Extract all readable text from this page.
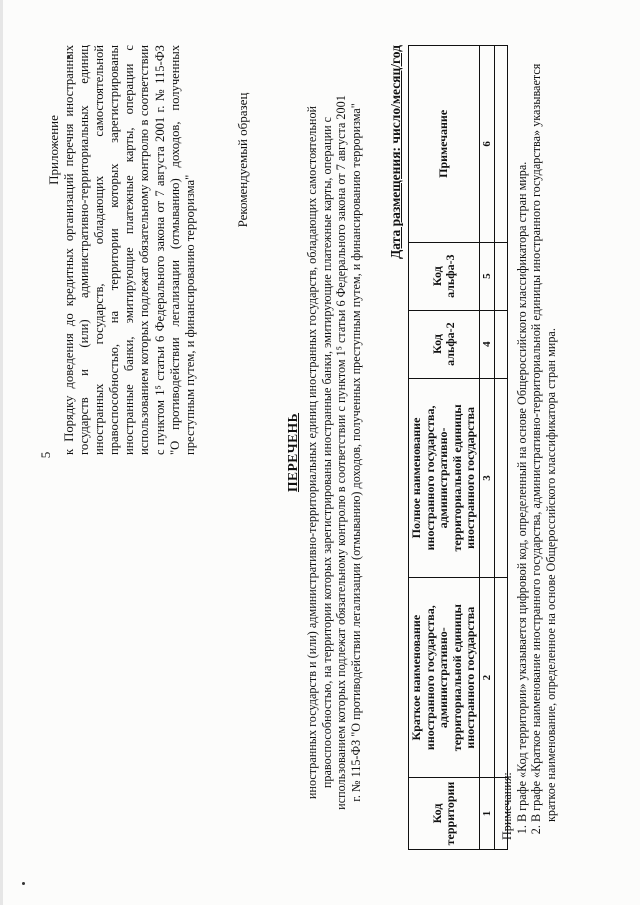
5
Приложение к Порядку доведения до кредитных организаций перечня иностранных государств и (или) административно-территориальных единиц иностранных государств, обладающих самостоятельной правоспособностью, на территории которых зарегистрированы иностранные банки, эмитирующие платежные карты, операции с использованием которых подлежат обязательному контролю в соответствии с пунктом 1⁵ статьи 6 Федерального закона от 7 августа 2001 г. № 115-ФЗ "О противодействии легализации (отмыванию) доходов, полученных преступным путем, и финансированию терроризма"
Рекомендуемый образец
ПЕРЕЧЕНЬ иностранных государств и (или) административно-территориальных единиц иностранных государств, обладающих самостоятельной правоспособностью, на территории которых зарегистрированы иностранные банки, эмитирующие платежные карты, операции с использованием которых подлежат обязательному контролю в соответствии с пунктом 1⁵ статьи 6 Федерального закона от 7 августа 2001 г. № 115-ФЗ "О противодействии легализации (отмыванию) доходов, полученных преступным путем, и финансированию терроризма" Дата размещения: число/месяц/год
Код территории	Краткое наименование иностранного государства, административно-территориальной единицы иностранного государства	Полное наименование иностранного государства, административно-территориальной единицы иностранного государства	Код альфа-2	Код альфа-3	Примечание
1	2	3	4	5	6

Примечания: 1. В графе «Код территории» указывается цифровой код, определенный на основе Общероссийского классификатора стран мира. 2. В графе «Краткое наименование иностранного государства, административно-территориальной единицы иностранного государства» указывается краткое наименование, определенное на основе Общероссийского классификатора стран мира.
